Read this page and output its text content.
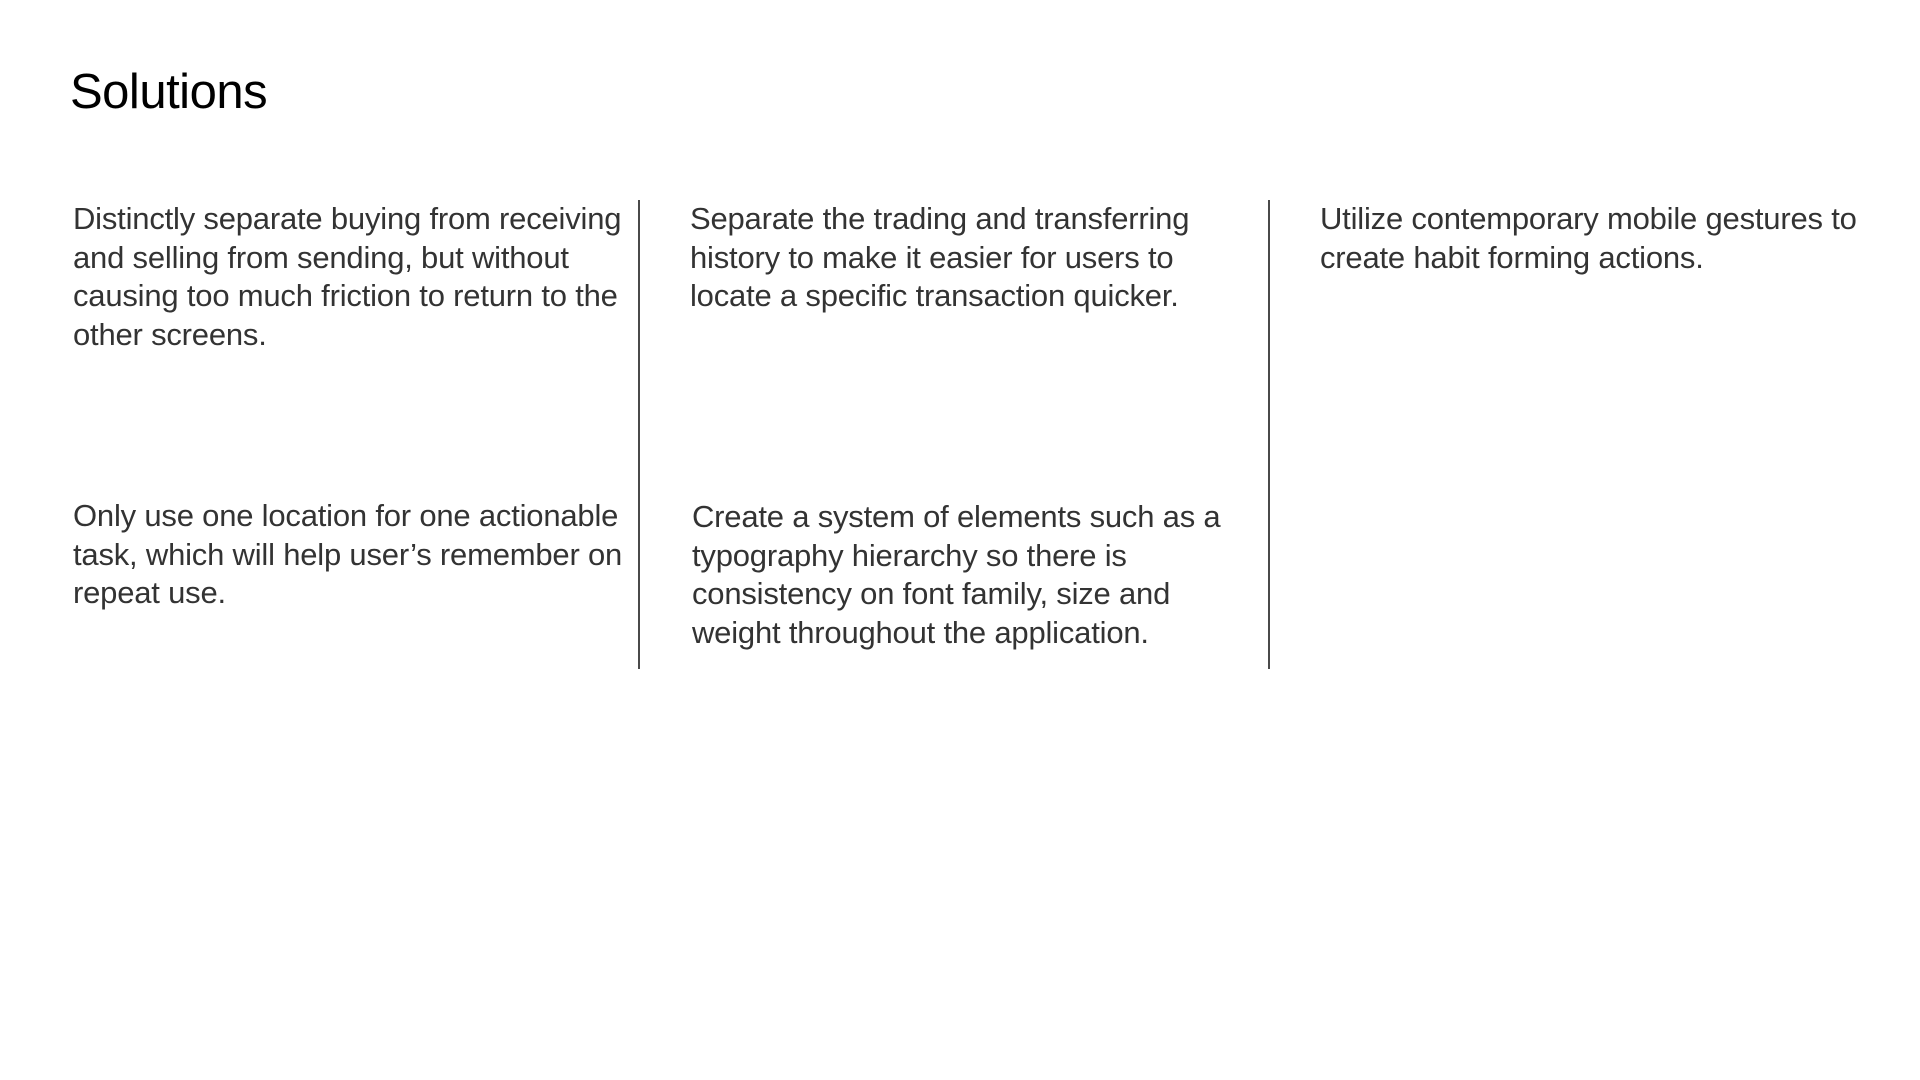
Solutions

Distinctly separate buying from receiving and selling from sending, but without causing too much friction to return to the other screens.

Separate the trading and transferring history to make it easier for users to locate a specific transaction quicker.

Utilize contemporary mobile gestures to create habit forming actions.

Only use one location for one actionable task, which will help user’s remember on repeat use.

Create a system of elements such as a typography hierarchy so there is consistency on font family, size and weight throughout the application.
